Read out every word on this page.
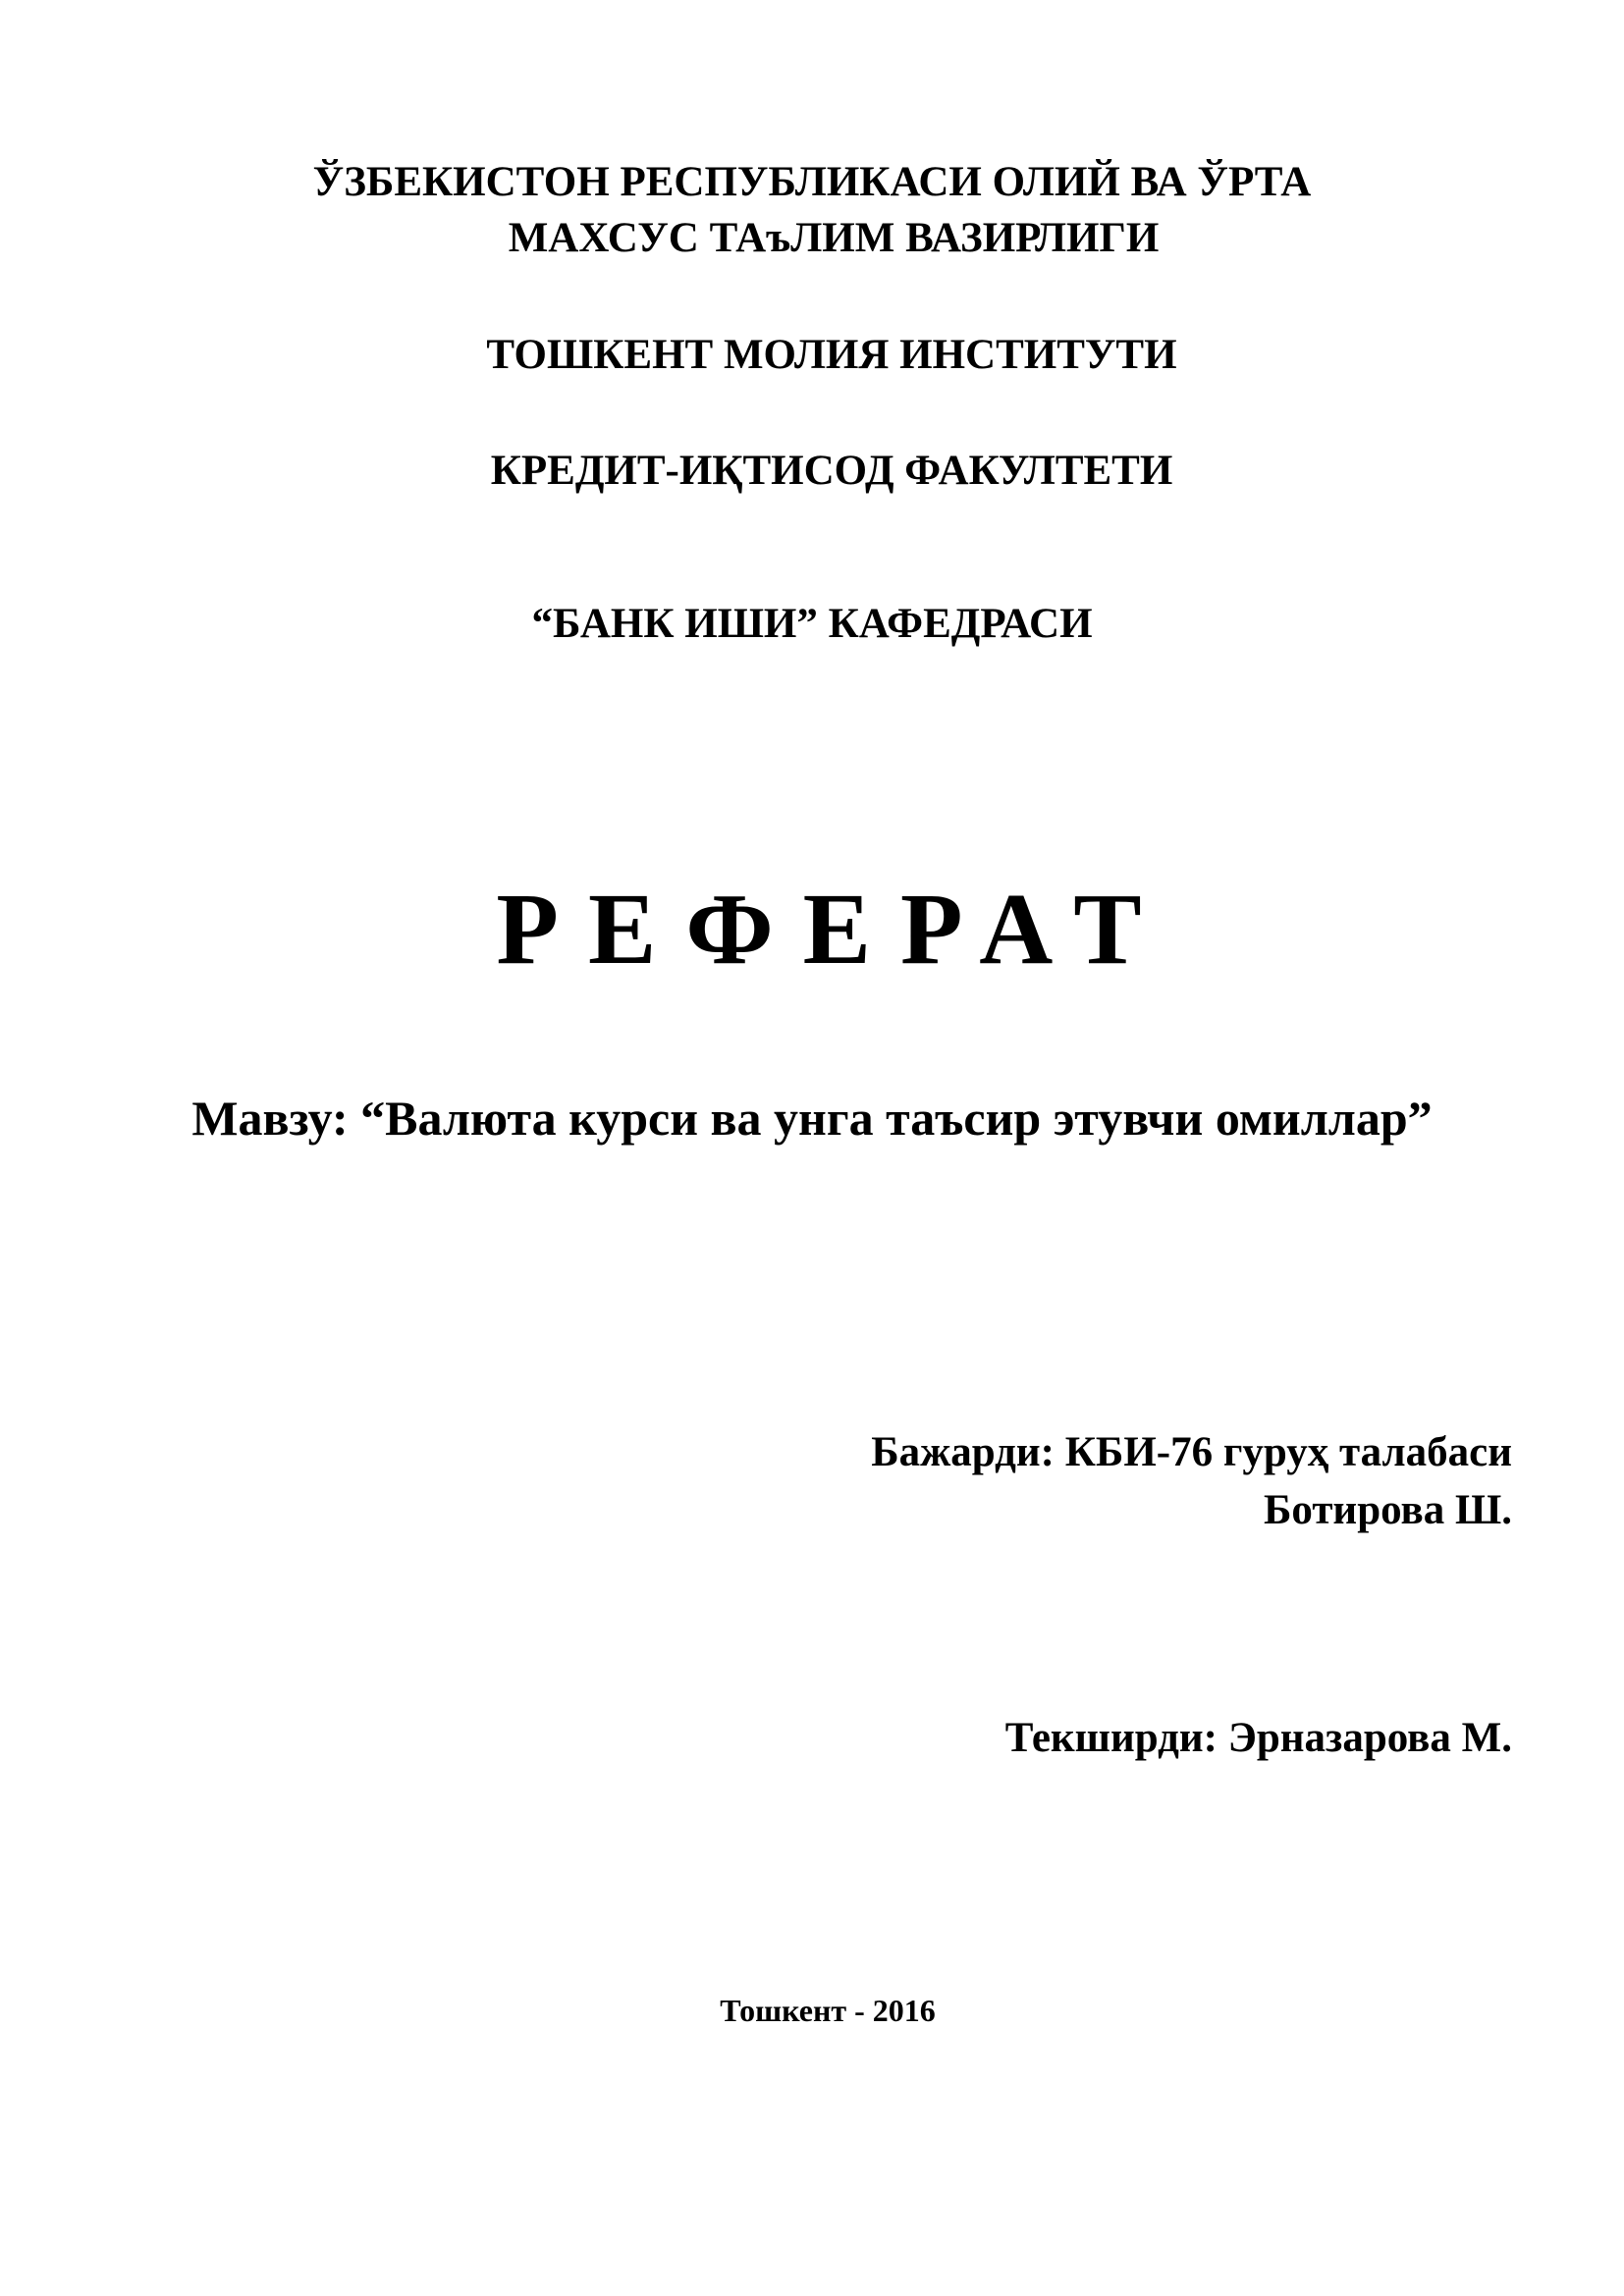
ЎЗБЕКИСТОН РЕСПУБЛИКАСИ ОЛИЙ ВА ЎРТА
МАХСУС ТАъЛИМ ВАЗИРЛИГИ
ТОШКЕНТ МОЛИЯ ИНСТИТУТИ
КРЕДИТ-ИҚТИСОД ФАКУЛТЕТИ
“БАНК ИШИ” КАФЕДРАСИ
РЕФЕРАТ
Мавзу: “Валюта курси ва унга таъсир этувчи омиллар”
Бажарди: КБИ-76 гуруҳ талабаси
Ботирова Ш.
Текширди: Эрназарова М.
Тошкент - 2016
